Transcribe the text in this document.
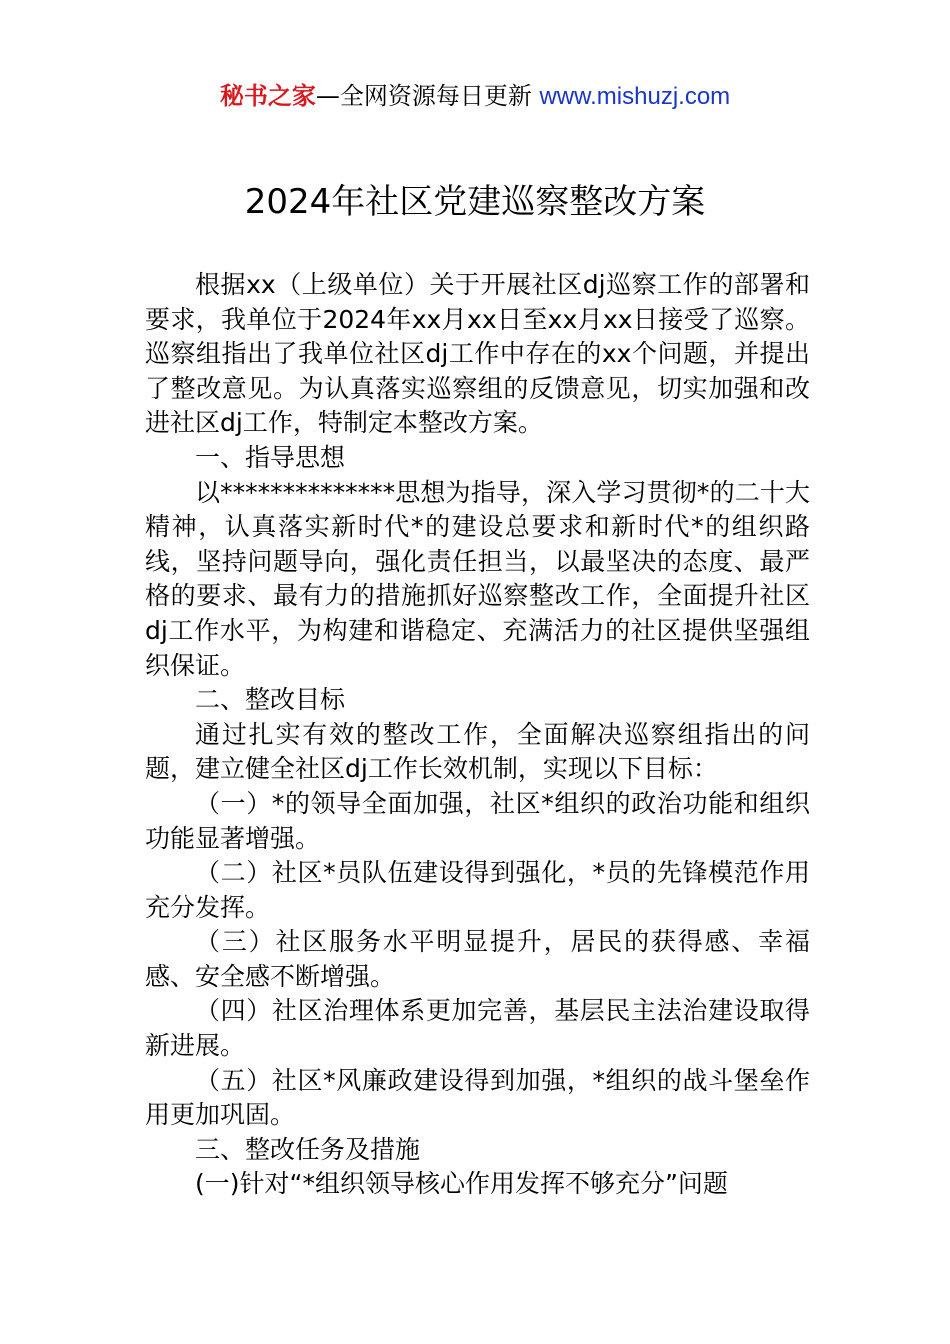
秘书之家—全网资源每日更新 www.mishuzj.com
2024年社区党建巡察整改方案

根据xx（上级单位）关于开展社区dj巡察工作的部署和要求，我单位于2024年xx月xx日至xx月xx日接受了巡察。巡察组指出了我单位社区dj工作中存在的xx个问题，并提出了整改意见。为认真落实巡察组的反馈意见，切实加强和改进社区dj工作，特制定本整改方案。

一、指导思想

以**************思想为指导，深入学习贯彻*的二十大精神，认真落实新时代*的建设总要求和新时代*的组织路线，坚持问题导向，强化责任担当，以最坚决的态度、最严格的要求、最有力的措施抓好巡察整改工作，全面提升社区dj工作水平，为构建和谐稳定、充满活力的社区提供坚强组织保证。

二、整改目标

通过扎实有效的整改工作，全面解决巡察组指出的问题，建立健全社区dj工作长效机制，实现以下目标：

（一）*的领导全面加强，社区*组织的政治功能和组织功能显著增强。

（二）社区*员队伍建设得到强化，*员的先锋模范作用充分发挥。

（三）社区服务水平明显提升，居民的获得感、幸福感、安全感不断增强。

（四）社区治理体系更加完善，基层民主法治建设取得新进展。

（五）社区*风廉政建设得到加强，*组织的战斗堡垒作用更加巩固。

三、整改任务及措施

(一)针对“*组织领导核心作用发挥不够充分”问题
